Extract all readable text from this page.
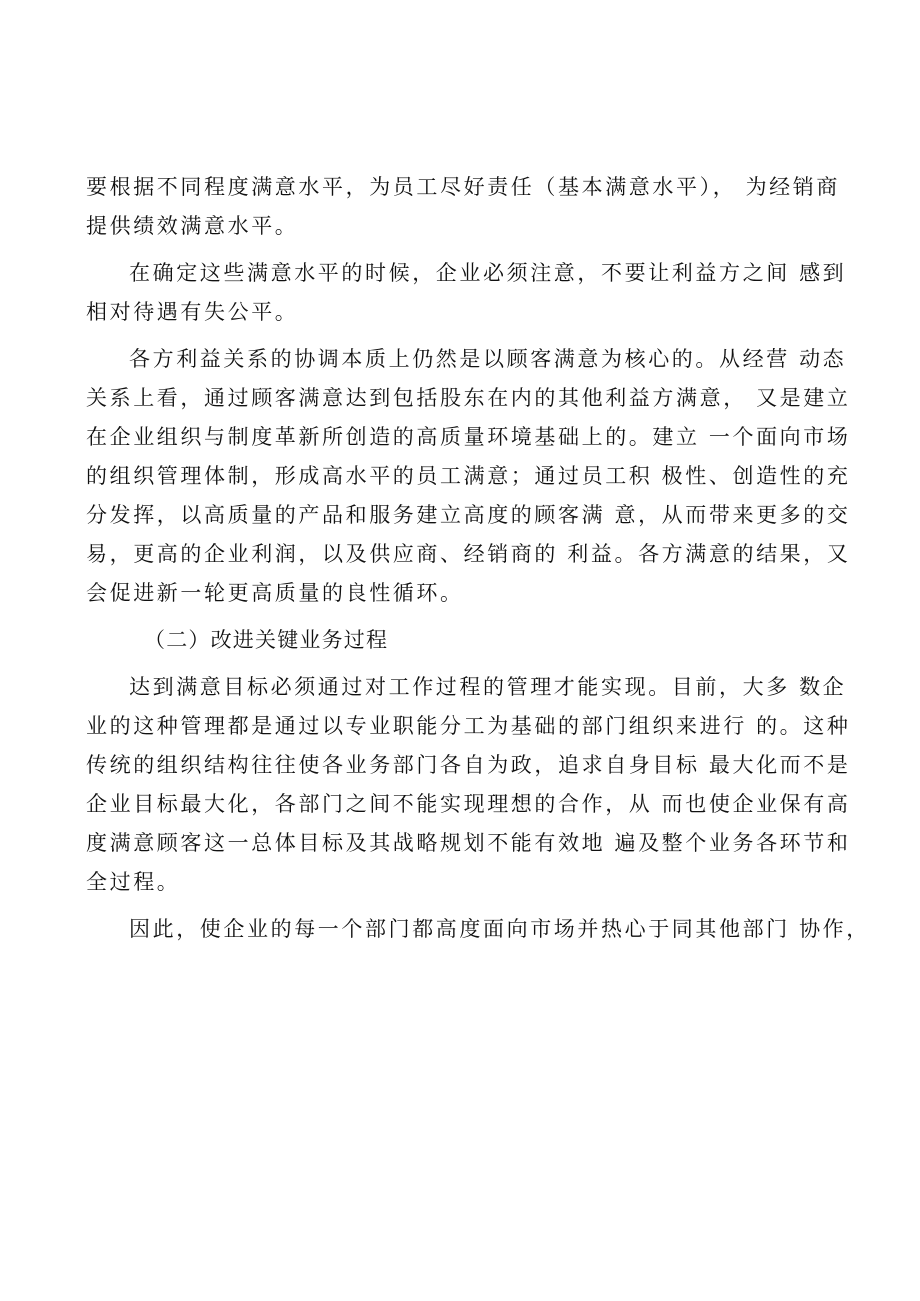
要根据不同程度满意水平，为员工尽好责任（基本满意水平）， 为经销商
提供绩效满意水平。
在确定这些满意水平的时候，企业必须注意，不要让利益方之间 感到
相对待遇有失公平。
各方利益关系的协调本质上仍然是以顾客满意为核心的。从经营 动态
关系上看，通过顾客满意达到包括股东在内的其他利益方满意， 又是建立
在企业组织与制度革新所创造的高质量环境基础上的。建立 一个面向市场
的组织管理体制，形成高水平的员工满意；通过员工积 极性、创造性的充
分发挥，以高质量的产品和服务建立高度的顾客满 意，从而带来更多的交
易，更高的企业利润，以及供应商、经销商的 利益。各方满意的结果，又
会促进新一轮更高质量的良性循环。
（二）改进关键业务过程
达到满意目标必须通过对工作过程的管理才能实现。目前，大多 数企
业的这种管理都是通过以专业职能分工为基础的部门组织来进行 的。这种
传统的组织结构往往使各业务部门各自为政，追求自身目标 最大化而不是
企业目标最大化，各部门之间不能实现理想的合作，从 而也使企业保有高
度满意顾客这一总体目标及其战略规划不能有效地 遍及整个业务各环节和
全过程。
因此，使企业的每一个部门都高度面向市场并热心于同其他部门 协作，
